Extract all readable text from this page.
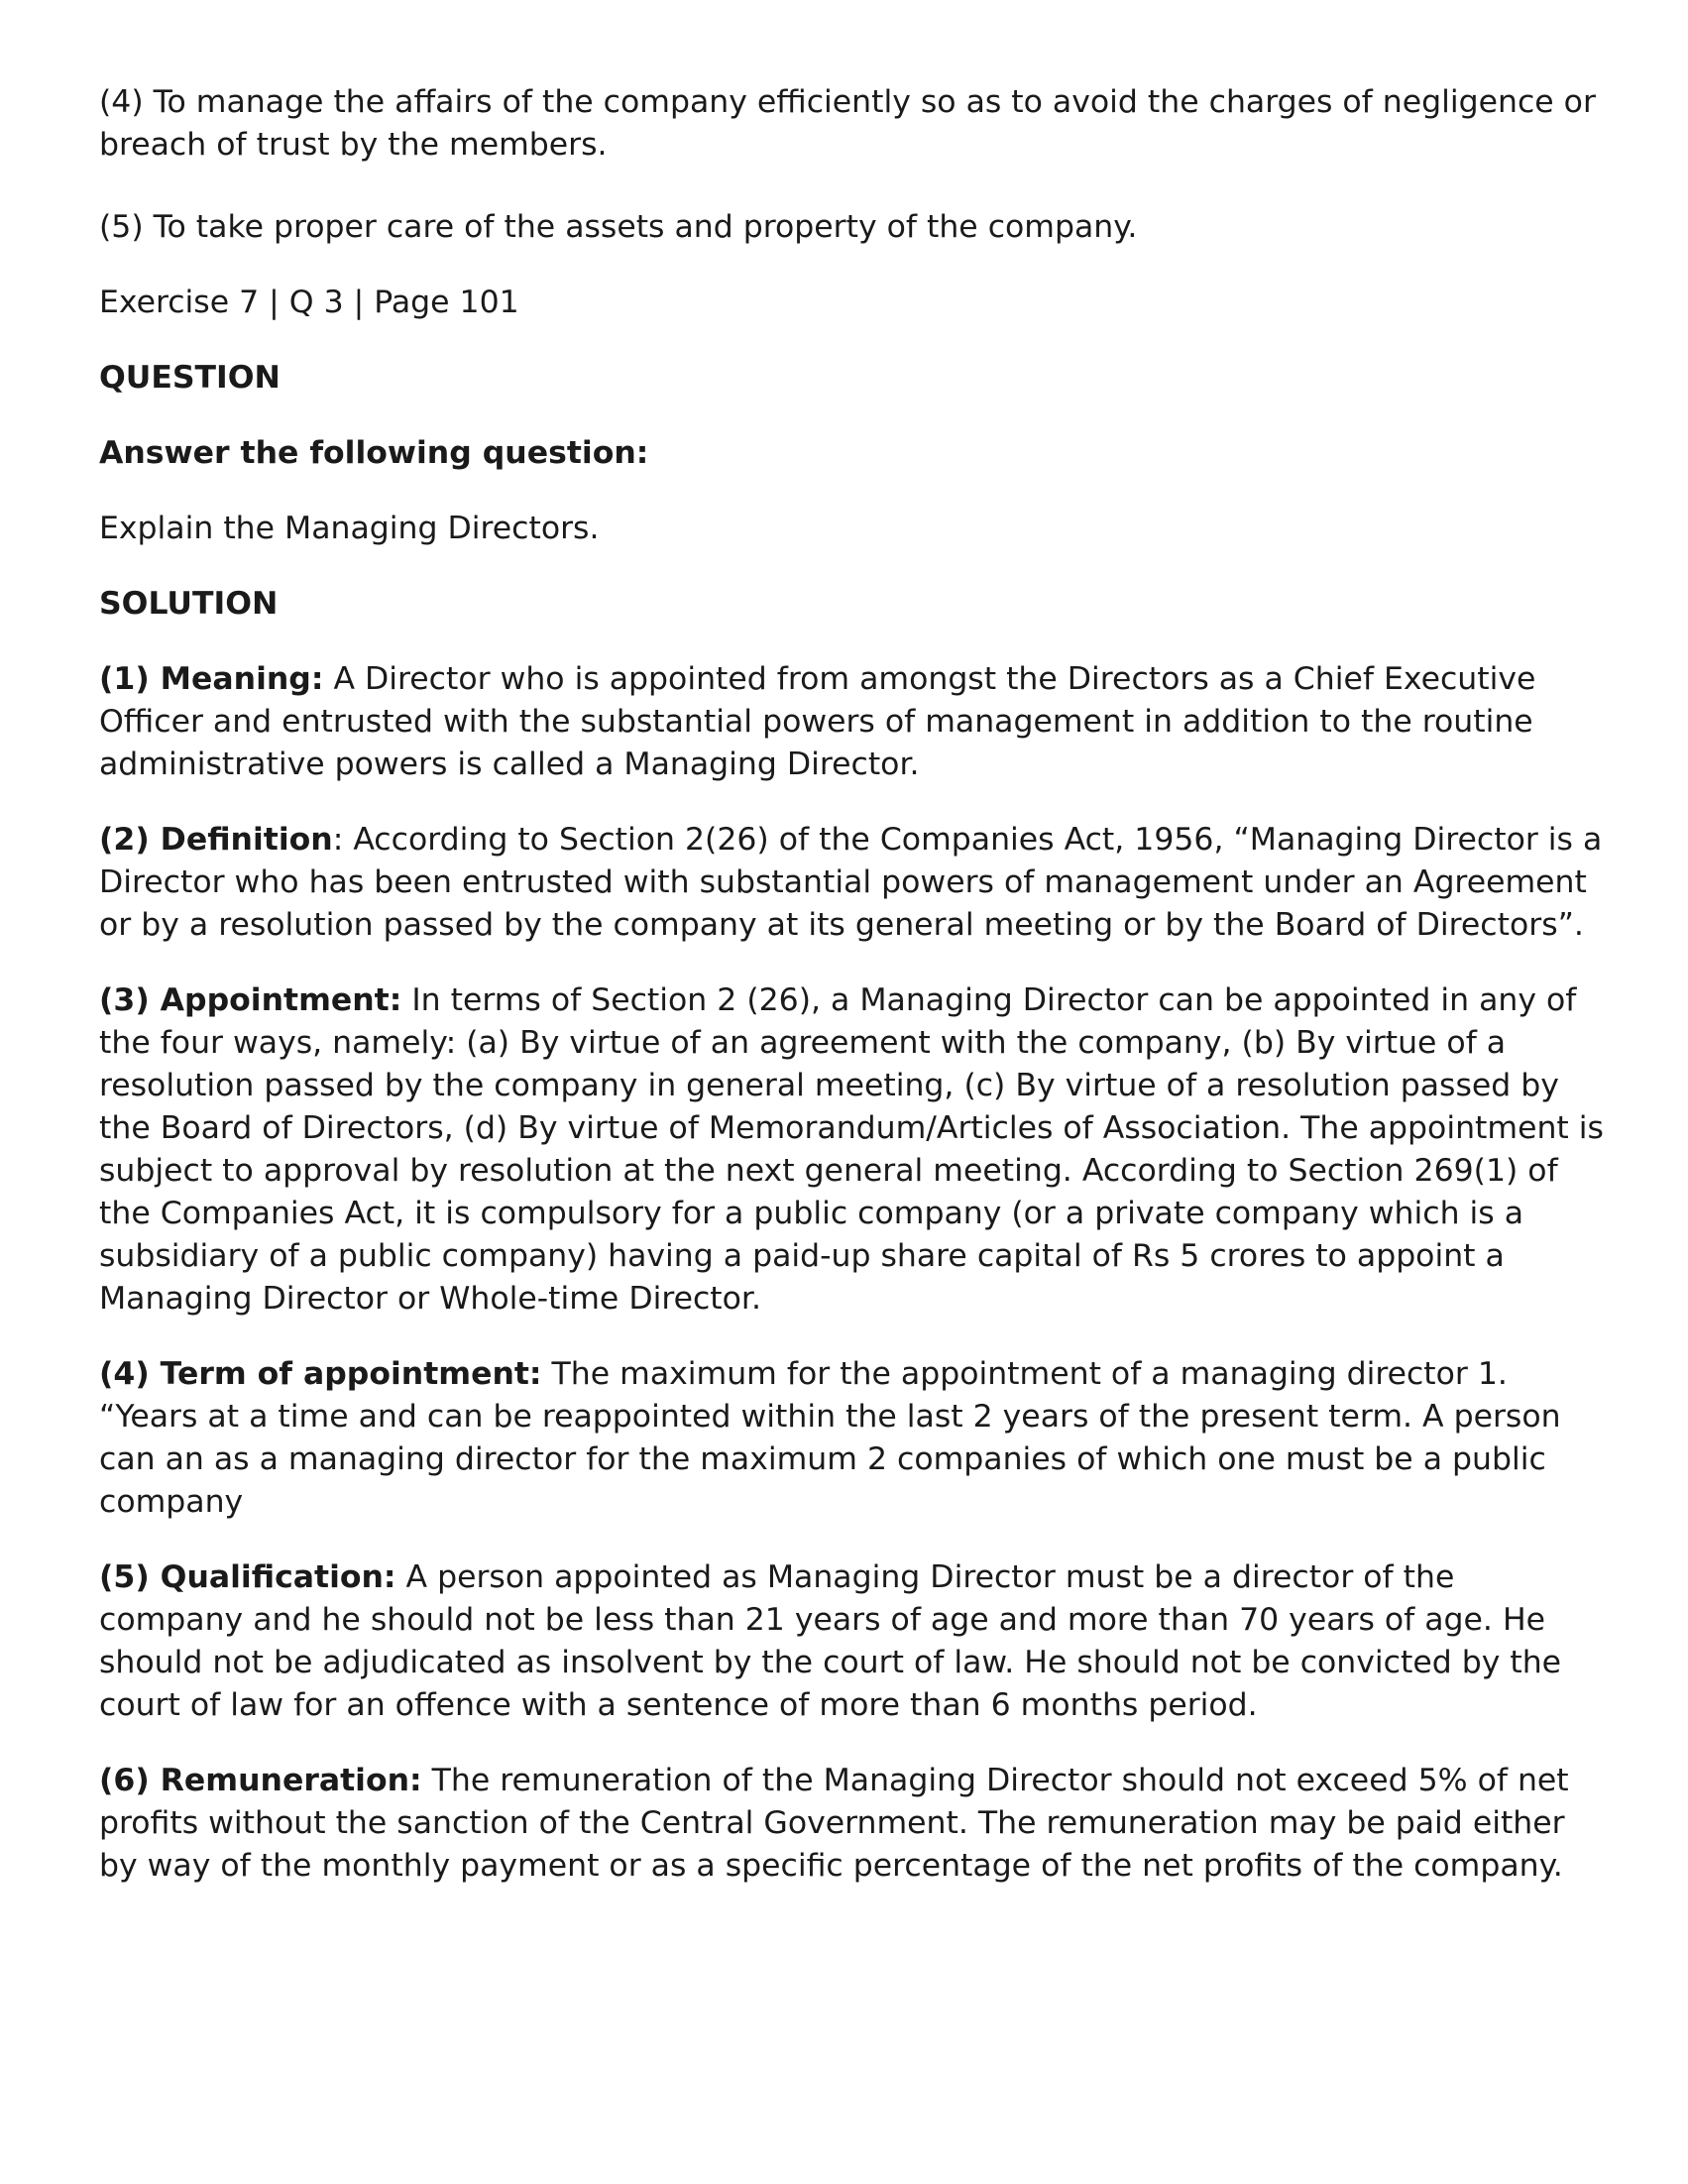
(4) To manage the affairs of the company efficiently so as to avoid the charges of negligence or breach of trust by the members.

(5) To take proper care of the assets and property of the company.

Exercise 7 | Q 3 | Page 101

QUESTION

Answer the following question:

Explain the Managing Directors.

SOLUTION

(1) Meaning: A Director who is appointed from amongst the Directors as a Chief Executive Officer and entrusted with the substantial powers of management in addition to the routine administrative powers is called a Managing Director.

(2) Definition: According to Section 2(26) of the Companies Act, 1956, “Managing Director is a Director who has been entrusted with substantial powers of management under an Agreement or by a resolution passed by the company at its general meeting or by the Board of Directors”.

(3) Appointment: In terms of Section 2 (26), a Managing Director can be appointed in any of the four ways, namely: (a) By virtue of an agreement with the company, (b) By virtue of a resolution passed by the company in general meeting, (c) By virtue of a resolution passed by the Board of Directors, (d) By virtue of Memorandum/Articles of Association. The appointment is subject to approval by resolution at the next general meeting. According to Section 269(1) of the Companies Act, it is compulsory for a public company (or a private company which is a subsidiary of a public company) having a paid-up share capital of Rs 5 crores to appoint a Managing Director or Whole-time Director.

(4) Term of appointment: The maximum for the appointment of a managing director 1. “Years at a time and can be reappointed within the last 2 years of the present term. A person can an as a managing director for the maximum 2 companies of which one must be a public company

(5) Qualification: A person appointed as Managing Director must be a director of the company and he should not be less than 21 years of age and more than 70 years of age. He should not be adjudicated as insolvent by the court of law. He should not be convicted by the court of law for an offence with a sentence of more than 6 months period.

(6) Remuneration: The remuneration of the Managing Director should not exceed 5% of net profits without the sanction of the Central Government. The remuneration may be paid either by way of the monthly payment or as a specific percentage of the net profits of the company.
